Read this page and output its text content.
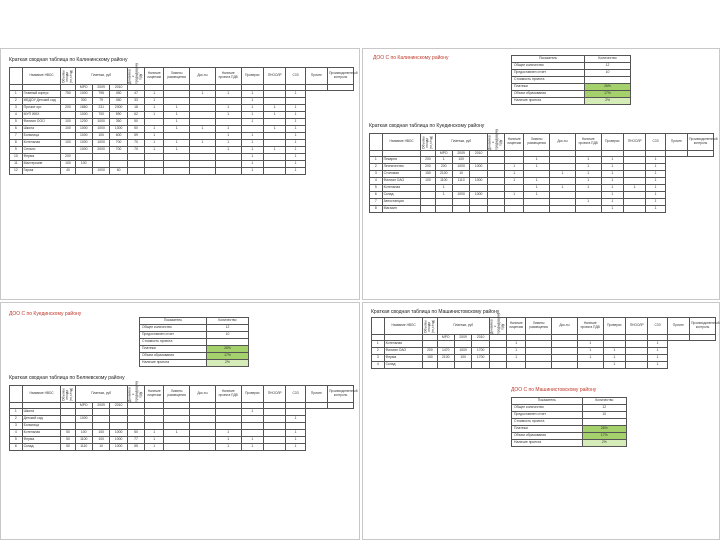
Краткая сводная таблица по Калининскому району
	Название НВОС	Объемы отхода (тн,т/год)	Платежи, руб			Динамика к предыдущему году	Наличие лицензии	Лимиты размещения	Док-ты	Наличие проекта ПДВ	Проверки	ПНООЛР	СЗЗ	Прочее	Производственный контроль
			МРО	2009	2010										
1	Главный корпус	750	1000	795	450	47	1		1	1	1		1		
2	МБДОУ Детский сад		300	79	450	33	1				1				
3	Прочие орг.	200	1860	231	2300	18	1	1		1	1	1	1		
4	МУП ЖКХ		1000	700	590	62	1	1		1	1	1	1		
5	Филиал ООО	100	1200	1000	350	50		1			1		1		
6	Школа	100	1000	1000	1300	50	1	1	1	1		1	1		
7	Больница		1000	100	600	59	1			1	1		1		
8	Котельная	100	1000	1000	700	70	1	1	1	1	1		1		
9	Сельпо		1000	2000	700	70	1	1		1	1	1	1		
10	Ферма	200									1		1		
11	Мастерские	100	100								1		1		
12	Гараж	40		1000	60						1		1		
ДОО С по Калининскому району	Показатель	Количество
Общее количество	12
Предоставлен отчет	10
Стоимость проекта	
Платежи	26%
Объем образования	17%
Наличие проекта	2%
Краткая сводная таблица по Куединскому району
	Название НВОС	Объемы отхода (тн,т/год)	Платежи, руб			Динамика к предыдущему году	Наличие лицензии	Лимиты размещения	Док-ты	Наличие проекта ПДВ	Проверки	ПНООЛР	СЗЗ	Прочее	Производственный контроль
			МРО	2009	2010										
1	Пекарня	200	1	100				1		1	1		1		
2	Лесничество	200	200	1000	1000		1	1		1	1		1		
3	Столовая	150	2100	10			1		1	1	1		1		
4	Филиал ОАО	100	1100	1110	1000		1	1		1	1		1		
5	Котельная		1					1	1	1	1	1	1		
6	Склад		1	1000	1000		1	1			1		1		
7	Автостанция									1	1		1		
8	Магазин										1		1		
ДОО С по Куединскому району
Показатель	Количество
Общее количество	12
Предоставлен отчет	10
Стоимость проекта	
Платежи	26%
Объем образования	17%
Наличие проекта	2%
Краткая сводная таблица по Беляевскому району
	Название НВОС	Объемы отхода (тн,т/год)	Платежи, руб			Динамика к предыдущему году	Наличие лицензии	Лимиты размещения	Док-ты	Наличие проекта ПДВ	Проверки	ПНООЛР	СЗЗ	Прочее	Производственный контроль
			МРО	2009	2010										
1	Школа										1				
2	Детский сад		1000										1		
3	Больница														
4	Котельная	50	100	100	1000	50	1	1		1			1		
5	Ферма	50	1100	100	1000	77	1			1	1		1		
6	Склад	50	1110	10	1000	55	1			1	1		1		
Краткая сводная таблица по Машинистовскому району
	Название НВОС	Объемы отхода (тн,т/год)	Платежи, руб			Динамика к предыдущему году	Наличие лицензии	Лимиты размещения	Док-ты	Наличие проекта ПДВ	Проверки	ПНООЛР	СЗЗ	Прочее	Производственный контроль
			МРО	2009	2010										
1	Котельная						1			1			1		
2	Филиал ОАО	200	1470	1000	1700		1			1	1		1		
3	Ферма	150	2100	100	1700		1			1	1		1		
4	Склад										1		1		
ДОО С по Машинистовскому району
Показатель	Количество
Общее количество	12
Предоставлен отчет	10
Стоимость проекта	
Платежи	26%
Объем образования	17%
Наличие проекта	2%
